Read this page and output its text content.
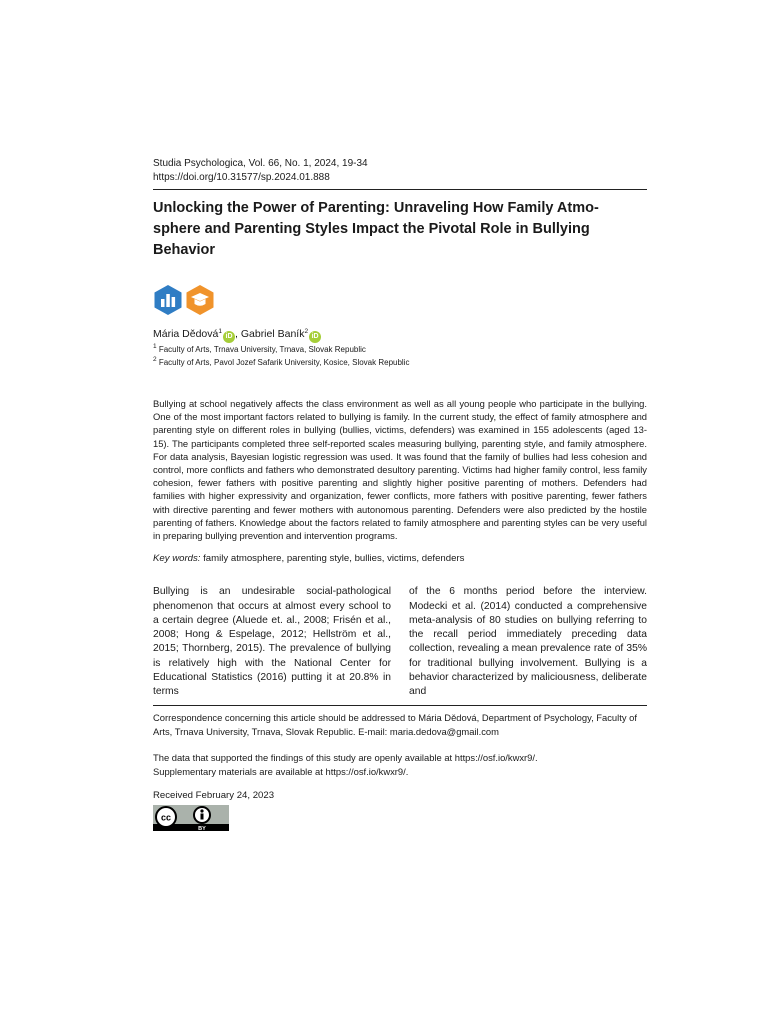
Studia Psychologica, Vol. 66, No. 1, 2024, 19-34
https://doi.org/10.31577/sp.2024.01.888
Unlocking the Power of Parenting: Unraveling How Family Atmo-
sphere and Parenting Styles Impact the Pivotal Role in Bullying
Behavior
Mária Dědová$^1$iD , Gabriel Baník$^2$iD
$^1$ Faculty of Arts, Trnava University, Trnava, Slovak Republic
$^2$ Faculty of Arts, Pavol Jozef Safarik University, Kosice, Slovak Republic
Bullying at school negatively affects the class environment as well as all young people who participate in the bullying. One of the most important factors related to bullying is family. In the current study, the effect of family atmosphere and parenting style on different roles in bullying (bullies, victims, defenders) was examined in 155 adolescents (aged 13-15). The participants completed three self-reported scales measuring bullying, parenting style, and family atmosphere. For data analysis, Bayesian logistic regression was used. It was found that the family of bullies had less cohesion and control, more conflicts and fathers who demonstrated desultory parenting. Victims had higher family control, less family cohesion, fewer fathers with positive parenting and slightly higher positive parenting of mothers. Defenders had families with higher expressivity and organization, fewer conflicts, more fathers with positive parenting, fewer fathers with directive parenting and fewer mothers with autonomous parenting. Defenders were also predicted by the hostile parenting of fathers. Knowledge about the factors related to family atmosphere and parenting styles can be very useful in preparing bullying prevention and intervention programs.
Key words: family atmosphere, parenting style, bullies, victims, defenders
Bullying is an undesirable social-pathological phenomenon that occurs at almost every school to a certain degree (Aluede et. al., 2008; Frisén et al., 2008; Hong & Espelage, 2012; Hellström et al., 2015; Thornberg, 2015). The prevalence of bullying is relatively high with the National Center for Educational Statistics (2016) putting it at 20.8% in terms
of the 6 months period before the interview. Modecki et al. (2014) conducted a comprehensive meta-analysis of 80 studies on bullying referring to the recall period immediately preceding data collection, revealing a mean prevalence rate of 35% for traditional bullying involvement. Bullying is a behavior characterized by maliciousness, deliberate and
Correspondence concerning this article should be addressed to Mária Dědová, Department of Psychology, Faculty of Arts, Trnava University, Trnava, Slovak Republic. E-mail: maria.dedova@gmail.com
The data that supported the findings of this study are openly available at https://osf.io/kwxr9/.
Supplementary materials are available at https://osf.io/kwxr9/.
Received February 24, 2023
cc
BY
